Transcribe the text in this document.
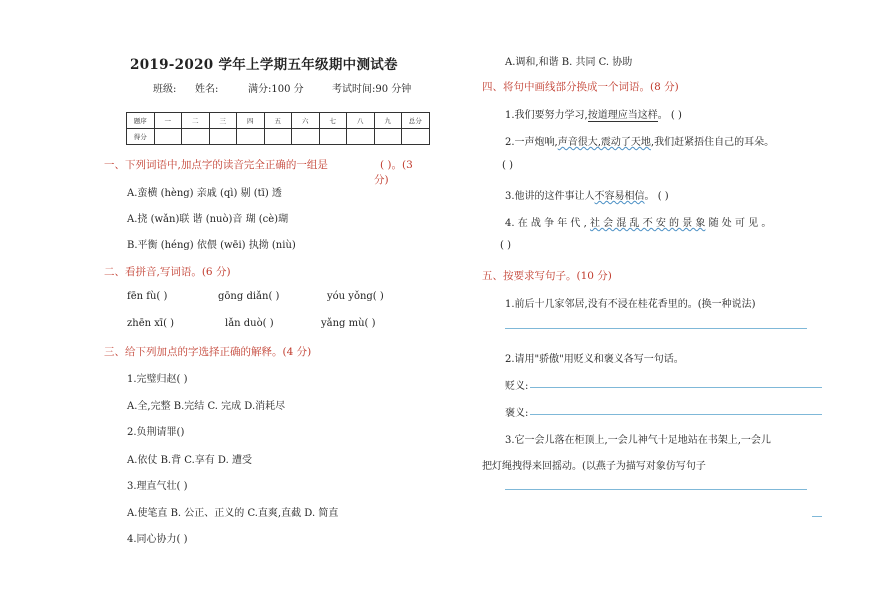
2019-2020 学年上学期五年级期中测试卷
班级: 姓名:	满分:100 分	考试时间:90 分钟
题序	一	二	三	四	五	六	七	八	九	总分
得分										
一、下列词语中,加点字的读音完全正确的一组是	( )。(3
分)
A.蛮横 (hèng) 亲戚 (qì) 剔 (tī) 透
A.挠 (wǎn)联 谐 (nuò)音 瑚 (cè)瑚
B.平衡 (héng) 依偎 (wēi) 执拗 (niù)
二、看拼音,写词语。(6 分)
fēn fù( )	gōng diǎn( )	yóu yǒng( )
zhēn xī( )	lǎn duò( )	yǎng mù( )
三、给下列加点的字选择正确的解释。(4 分)
1.完璧归赵( )
A.全,完整 B.完结 C. 完成 D.消耗尽
2.负荆请罪()
A.依仗 B.背 C.享有 D. 遭受
3.理直气壮( )
A.使笔直 B. 公正、正义的 C.直爽,直截 D. 简直
4.同心协力( )
A.调和,和谐 B. 共同 C. 协助
四、将句中画线部分换成一个词语。(8 分)
1.我们要努力学习,按道理应当这样。 ( )
2.一声炮响,声音很大,震动了天地,我们赶紧捂住自己的耳朵。
( )
3.他讲的这件事让人不容易相信。 ( )
4. 在 战 争 年 代 , 社 会 混 乱 不 安 的 景 象 随 处 可 见 。
( )
五、按要求写句子。(10 分)
1.前后十几家邻居,没有不浸在桂花香里的。(换一种说法)
2.请用"骄傲"用贬义和褒义各写一句话。
贬义:
褒义:
3.它一会儿落在柜顶上,一会儿神气十足地站在书架上,一会儿
把灯绳拽得来回摇动。(以燕子为描写对象仿写句子
